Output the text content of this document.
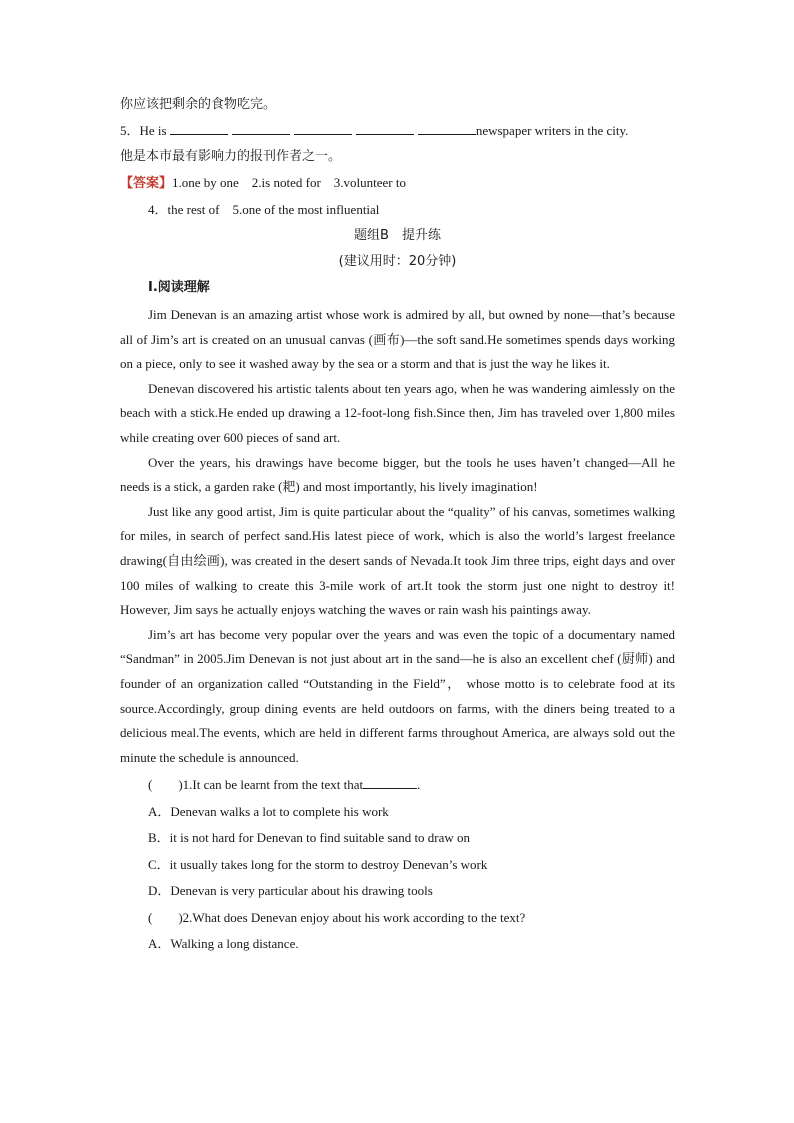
你应该把剩余的食物吃完。
5．He is	newspaper writers in the city.
他是本市最有影响力的报刊作者之一。
【答案】1.one by one　2.is noted for　3.volunteer to
4．the rest of　5.one of the most influential
题组B　提升练
(建议用时：20分钟)
Ⅰ.阅读理解

Jim Denevan is an amazing artist whose work is admired by all, but owned by none—that’s because all of Jim’s art is created on an unusual canvas (画布)—the soft sand.He sometimes spends days working on a piece, only to see it washed away by the sea or a storm and that is just the way he likes it.

Denevan discovered his artistic talents about ten years ago, when he was wandering aimlessly on the beach with a stick.He ended up drawing a 12-foot-long fish.Since then, Jim has traveled over 1,800 miles while creating over 600 pieces of sand art.

Over the years, his drawings have become bigger, but the tools he uses haven’t changed—All he needs is a stick, a garden rake (耙) and most importantly, his lively imagination!

Just like any good artist, Jim is quite particular about the “quality” of his canvas, sometimes walking for miles, in search of perfect sand.His latest piece of work, which is also the world’s largest freelance drawing(自由绘画), was created in the desert sands of Nevada.It took Jim three trips, eight days and over 100 miles of walking to create this 3-mile work of art.It took the storm just one night to destroy it! However, Jim says he actually enjoys watching the waves or rain wash his paintings away.

Jim’s art has become very popular over the years and was even the topic of a documentary named “Sandman” in 2005.Jim Denevan is not just about art in the sand—he is also an excellent chef (厨师) and founder of an organization called “Outstanding in the Field”， whose motto is to celebrate food at its source.Accordingly, group dining events are held outdoors on farms, with the diners being treated to a delicious meal.The events, which are held in different farms throughout America, are always sold out the minute the schedule is announced.

(　　)1.It can be learnt from the text that	.
A．Denevan walks a lot to complete his work
B．it is not hard for Denevan to find suitable sand to draw on
C．it usually takes long for the storm to destroy Denevan’s work
D．Denevan is very particular about his drawing tools
(　　)2.What does Denevan enjoy about his work according to the text?
A．Walking a long distance.
